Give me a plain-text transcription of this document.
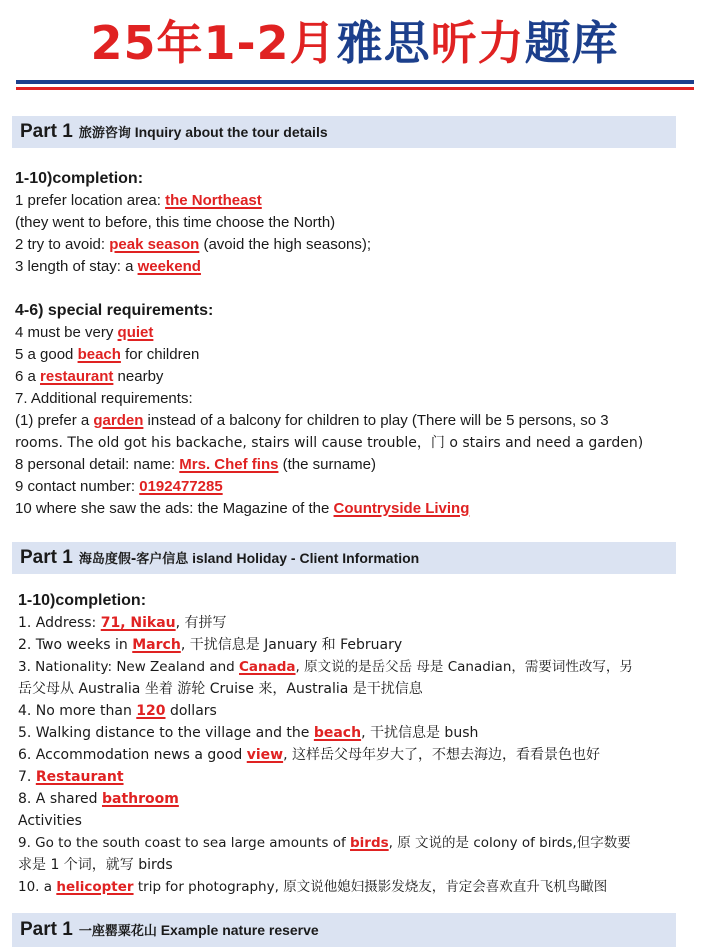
25年1-2月雅思听力题库
Part 1 旅游咨询 Inquiry about the tour details
1-10)completion:
1 prefer location area: the Northeast
(they went to before, this time choose the North)
2 try to avoid: peak season (avoid the high seasons);
3 length of stay: a weekend
4-6) special requirements:
4 must be very quiet
5 a good beach for children
6 a restaurant nearby
7. Additional requirements:
(1) prefer a garden instead of a balcony for children to play (There will be 5 persons, so 3
rooms. The old got his backache, stairs will cause trouble，门 o stairs and need a garden)
8 personal detail: name: Mrs. Chef fins (the surname)
9 contact number: 0192477285
10 where she saw the ads: the Magazine of the Countryside Living
Part 1 海岛度假-客户信息 island Holiday - Client Information
1-10)completion:
1. Address: 71, Nikau, 有拼写
2. Two weeks in March, 干扰信息是 January 和 February
3. Nationality: New Zealand and Canada, 原文说的是岳父岳 母是 Canadian，需要词性改写，另
岳父母从 Australia 坐着 游轮 Cruise 来，Australia 是干扰信息
4. No more than 120 dollars
5. Walking distance to the village and the beach, 干扰信息是 bush
6. Accommodation news a good view, 这样岳父母年岁大了，不想去海边，看看景色也好
7. Restaurant
8. A shared bathroom
Activities
9. Go to the south coast to sea large amounts of birds, 原 文说的是 colony of birds,但字数要
求是 1 个词，就写 birds
10. a helicopter trip for photography, 原文说他媳妇摄影发烧友，肯定会喜欢直升飞机鸟瞰图
Part 1 一座罂粟花山 Example nature reserve
